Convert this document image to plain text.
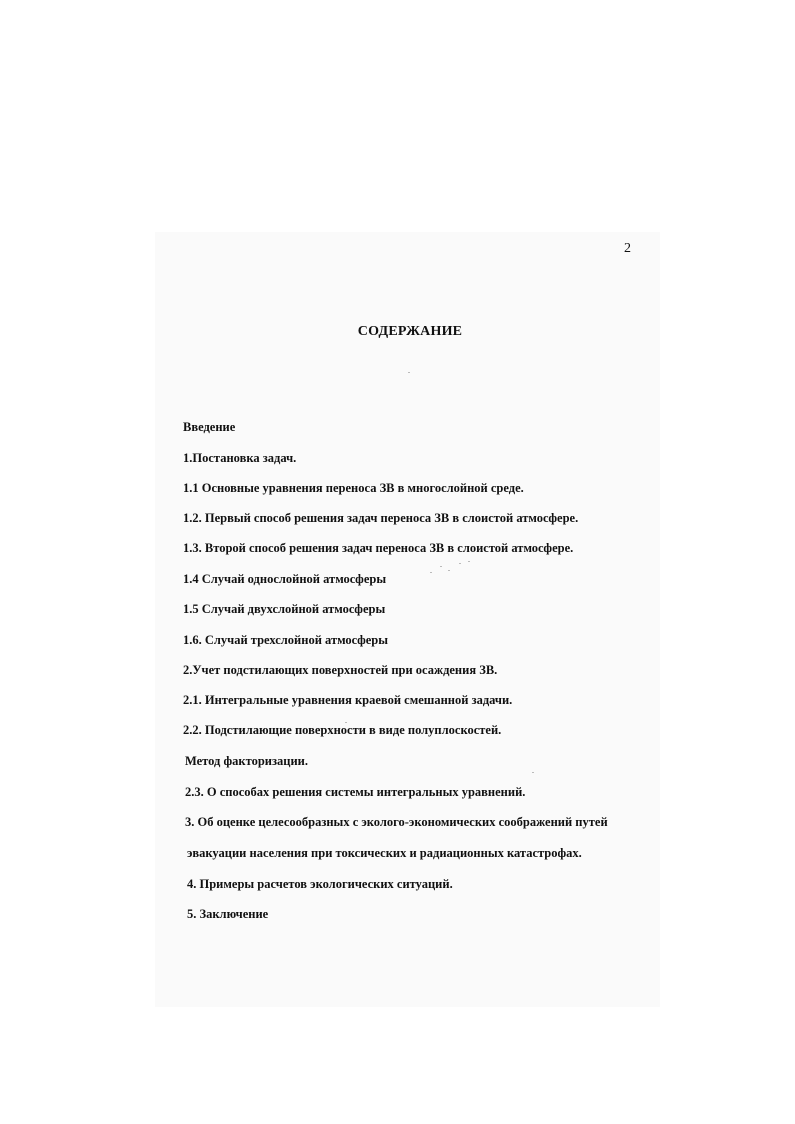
2
СОДЕРЖАНИЕ
Введение
1.Постановка задач.
1.1 Основные уравнения переноса ЗВ в многослойной среде.
1.2. Первый способ решения задач переноса ЗВ в слоистой атмосфере.
1.3. Второй способ решения задач переноса ЗВ в слоистой атмосфере.
1.4 Случай однослойной атмосферы
1.5 Случай двухслойной атмосферы
1.6. Случай трехслойной атмосферы
2.Учет подстилающих поверхностей при осаждения ЗВ.
2.1. Интегральные уравнения краевой смешанной задачи.
2.2. Подстилающие поверхности в виде полуплоскостей.
Метод факторизации.
2.3. О способах решения системы интегральных уравнений.
3. Об оценке целесообразных с эколого-экономических соображений путей
эвакуации населения при токсических и радиационных катастрофах.
4. Примеры расчетов экологических ситуаций.
5. Заключение
